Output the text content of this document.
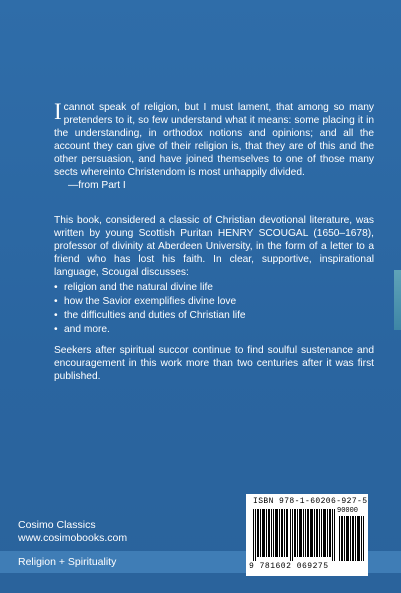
Icannot speak of religion, but I must lament, that among so many pretenders to it, so few understand what it means: some placing it in the understanding, in orthodox notions and opinions; and all the account they can give of their religion is, that they are of this and the other persuasion, and have joined themselves to one of those many sects whereinto Christendom is most unhappily divided.
—from Part I
This book, considered a classic of Christian devotional literature, was written by young Scottish Puritan HENRY SCOUGAL (1650–1678), professor of divinity at Aberdeen University, in the form of a letter to a friend who has lost his faith. In clear, supportive, inspirational language, Scougal discusses:
• religion and the natural divine life
• how the Savior exemplifies divine love
• the difficulties and duties of Christian life
• and more.
Seekers after spiritual succor continue to find soulful sustenance and encouragement in this work more than two centuries after it was first published.
Cosimo Classics
www.cosimobooks.com
Religion + Spirituality
ISBN 978-1-60206-927-5
90000
9 781602 069275
